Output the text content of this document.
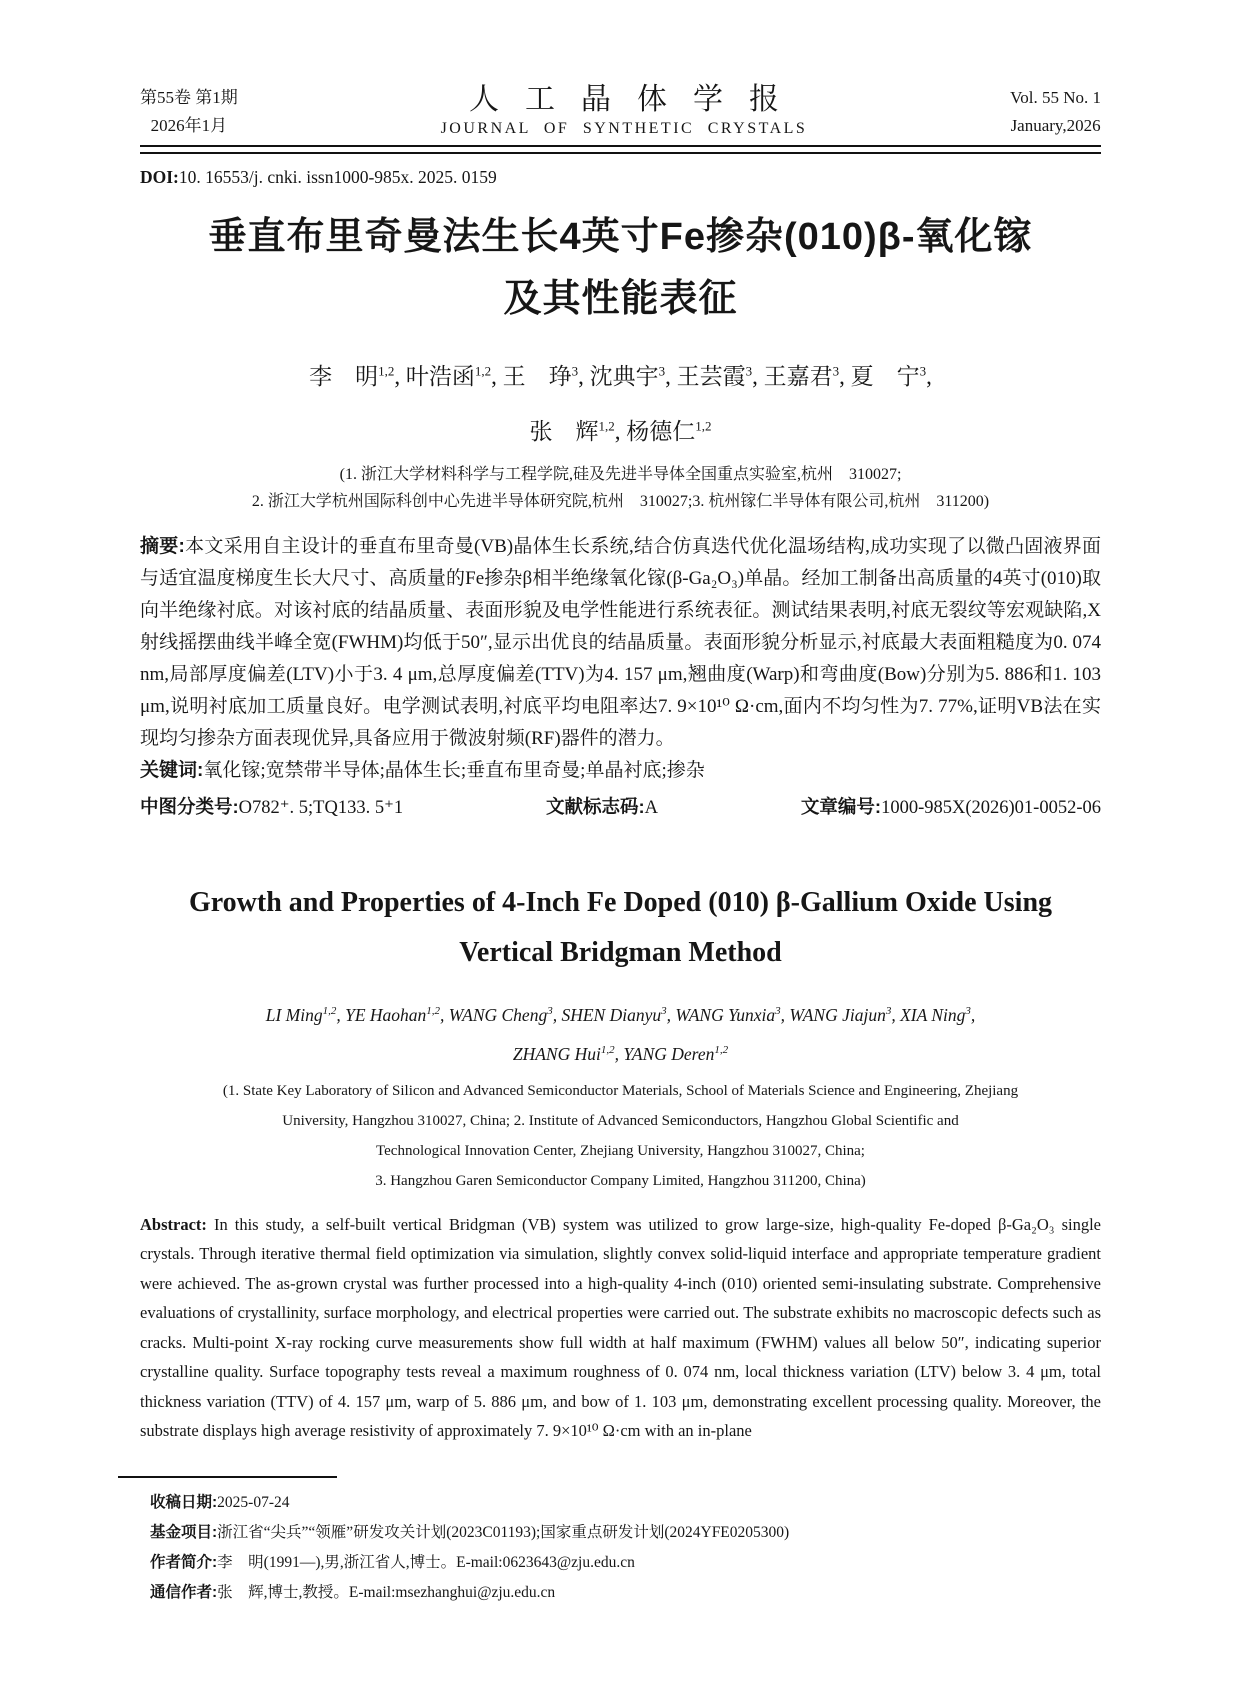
第55卷 第1期
2026年1月
人工晶体学报
JOURNAL OF SYNTHETIC CRYSTALS
Vol. 55 No. 1
January,2026
DOI:10. 16553/j. cnki. issn1000-985x. 2025. 0159
垂直布里奇曼法生长4英寸Fe掺杂(010)β-氧化镓
及其性能表征
李　明$^{1,2}$, 叶浩函$^{1,2}$, 王　琤$^3$, 沈典宇$^3$, 王芸霞$^3$, 王嘉君$^3$, 夏　宁$^3$,
张　辉$^{1,2}$, 杨德仁$^{1,2}$
(1. 浙江大学材料科学与工程学院,硅及先进半导体全国重点实验室,杭州　310027;
2. 浙江大学杭州国际科创中心先进半导体研究院,杭州　310027;3. 杭州镓仁半导体有限公司,杭州　311200)

摘要:本文采用自主设计的垂直布里奇曼(VB)晶体生长系统,结合仿真迭代优化温场结构,成功实现了以微凸固液界面与适宜温度梯度生长大尺寸、高质量的Fe掺杂β相半绝缘氧化镓(β-Ga₂O₃)单晶。经加工制备出高质量的4英寸(010)取向半绝缘衬底。对该衬底的结晶质量、表面形貌及电学性能进行系统表征。测试结果表明,衬底无裂纹等宏观缺陷,X射线摇摆曲线半峰全宽(FWHM)均低于50″,显示出优良的结晶质量。表面形貌分析显示,衬底最大表面粗糙度为0. 074 nm,局部厚度偏差(LTV)小于3. 4 μm,总厚度偏差(TTV)为4. 157 μm,翘曲度(Warp)和弯曲度(Bow)分别为5. 886和1. 103 μm,说明衬底加工质量良好。电学测试表明,衬底平均电阻率达7. 9×10¹⁰ Ω·cm,面内不均匀性为7. 77%,证明VB法在实现均匀掺杂方面表现优异,具备应用于微波射频(RF)器件的潜力。

关键词:氧化镓;宽禁带半导体;晶体生长;垂直布里奇曼;单晶衬底;掺杂
中图分类号:O782⁺. 5;TQ133. 5⁺1	文献标志码:A	文章编号:1000-985X(2026)01-0052-06
Growth and Properties of 4-Inch Fe Doped (010) β-Gallium Oxide Using
Vertical Bridgman Method
LI Ming$^{1,2}$, YE Haohan$^{1,2}$, WANG Cheng$^3$, SHEN Dianyu$^3$, WANG Yunxia$^3$, WANG Jiajun$^3$, XIA Ning$^3$,
ZHANG Hui$^{1,2}$, YANG Deren$^{1,2}$
(1. State Key Laboratory of Silicon and Advanced Semiconductor Materials, School of Materials Science and Engineering, Zhejiang
University, Hangzhou 310027, China; 2. Institute of Advanced Semiconductors, Hangzhou Global Scientific and
Technological Innovation Center, Zhejiang University, Hangzhou 310027, China;
3. Hangzhou Garen Semiconductor Company Limited, Hangzhou 311200, China)

Abstract: In this study, a self-built vertical Bridgman (VB) system was utilized to grow large-size, high-quality Fe-doped β-Ga₂O₃ single crystals. Through iterative thermal field optimization via simulation, slightly convex solid-liquid interface and appropriate temperature gradient were achieved. The as-grown crystal was further processed into a high-quality 4-inch (010) oriented semi-insulating substrate. Comprehensive evaluations of crystallinity, surface morphology, and electrical properties were carried out. The substrate exhibits no macroscopic defects such as cracks. Multi-point X-ray rocking curve measurements show full width at half maximum (FWHM) values all below 50″, indicating superior crystalline quality. Surface topography tests reveal a maximum roughness of 0. 074 nm, local thickness variation (LTV) below 3. 4 μm, total thickness variation (TTV) of 4. 157 μm, warp of 5. 886 μm, and bow of 1. 103 μm, demonstrating excellent processing quality. Moreover, the substrate displays high average resistivity of approximately 7. 9×10¹⁰ Ω·cm with an in-plane

收稿日期:2025-07-24
基金项目:浙江省“尖兵”“领雁”研发攻关计划(2023C01193);国家重点研发计划(2024YFE0205300)
作者简介:李　明(1991—),男,浙江省人,博士。E-mail:0623643@zju.edu.cn
通信作者:张　辉,博士,教授。E-mail:msezhanghui@zju.edu.cn
